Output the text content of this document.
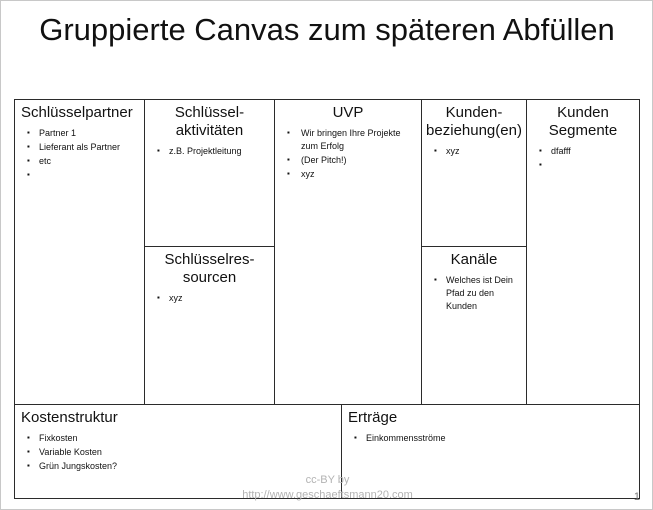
Gruppierte Canvas zum späteren Abfüllen
Schlüsselpartner
▪ Partner 1
▪ Lieferant als Partner
▪ etc
Schlüssel-
aktivitäten
▪ z.B. Projektleitung
Schlüsselres-
sourcen
▪ xyz
UVP
▪ Wir bringen Ihre Projekte zum Erfolg
▪ (Der Pitch!)
▪ xyz
Kunden-
beziehung(en)
▪ xyz
Kanäle
▪ Welches ist Dein Pfad zu den Kunden
Kunden
Segmente
▪ dfafff
Kostenstruktur
▪ Fixkosten
▪ Variable Kosten
▪ Grün Jungskosten?
Erträge
▪ Einkommensströme
cc-BY by
http://www.geschaeftsmann20.com	1
